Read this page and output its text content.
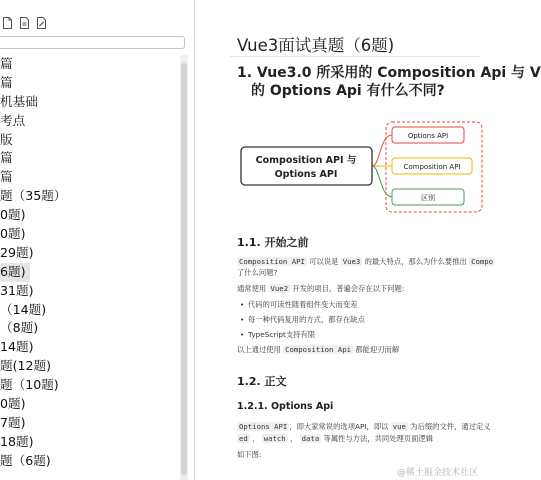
篇
篇
机基础
考点
版
篇
篇
题（35题）
0题)
0题)
29题)
6题)
31题)
（14题)
（8题)
14题)
题(12题)
题（10题)
0题)
7题)
18题)
题（6题)
Vue3面试真题（6题)
1. Vue3.0 所采用的 Composition Api 与 V
的 Options Api 有什么不同?
Composition API 与
Options API
Options API
Composition API
区别
1.1. 开始之前
Composition API 可以说是 Vue3 的最大特点，那么为什么要推出 Compo
了什么问题?
通常使用 Vue2 开发的项目，普遍会存在以下问题:
• 代码的可读性随着组件变大而变差
• 每一种代码复用的方式，都存在缺点
• TypeScript支持有限
以上通过使用 Composition Api 都能迎刃而解
1.2. 正文
1.2.1. Options Api
Options API ，即大家常说的选项API，即以 vue 为后缀的文件，通过定义
ed ， watch ， data 等属性与方法，共同处理页面逻辑
如下图:
@稀土掘金技术社区
